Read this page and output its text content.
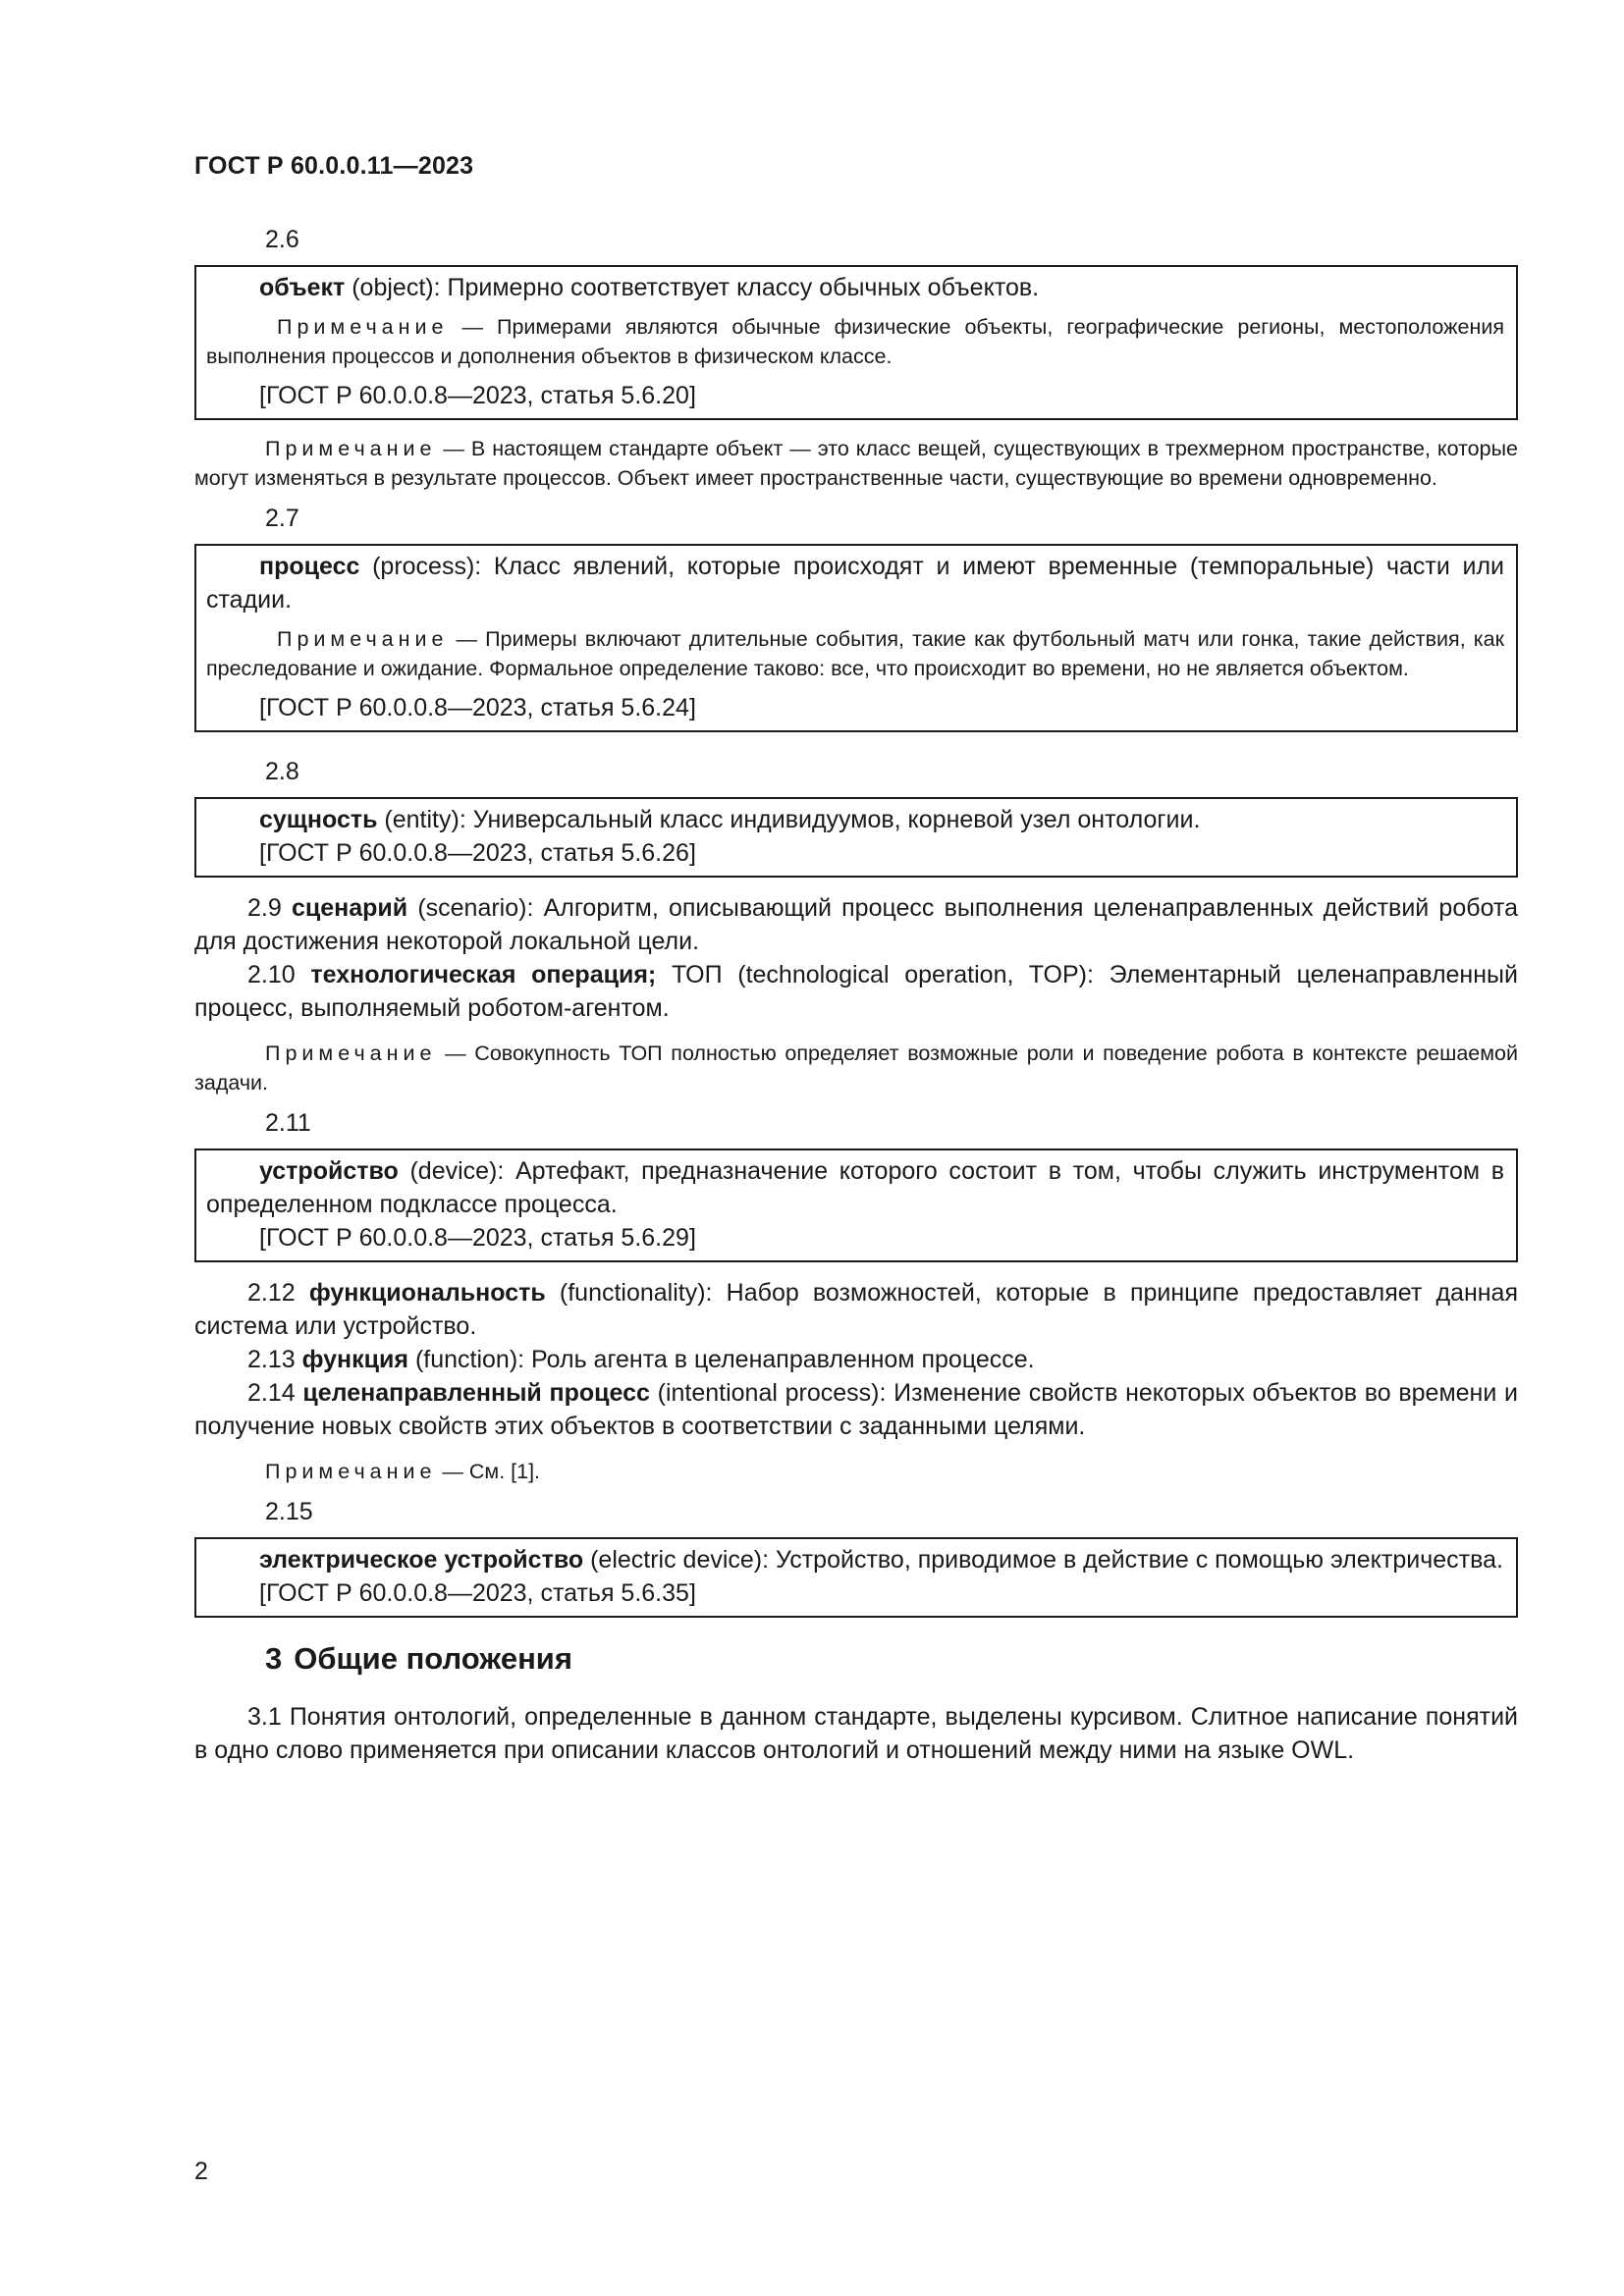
ГОСТ Р 60.0.0.11—2023
2.6
объект (object): Примерно соответствует классу обычных объектов.
Примечание — Примерами являются обычные физические объекты, географические регионы, местоположения выполнения процессов и дополнения объектов в физическом классе.
[ГОСТ Р 60.0.0.8—2023, статья 5.6.20]
Примечание — В настоящем стандарте объект — это класс вещей, существующих в трехмерном пространстве, которые могут изменяться в результате процессов. Объект имеет пространственные части, существующие во времени одновременно.
2.7
процесс (process): Класс явлений, которые происходят и имеют временные (темпоральные) части или стадии.
Примечание — Примеры включают длительные события, такие как футбольный матч или гонка, такие действия, как преследование и ожидание. Формальное определение таково: все, что происходит во времени, но не является объектом.
[ГОСТ Р 60.0.0.8—2023, статья 5.6.24]
2.8
сущность (entity): Универсальный класс индивидуумов, корневой узел онтологии.
[ГОСТ Р 60.0.0.8—2023, статья 5.6.26]
2.9 сценарий (scenario): Алгоритм, описывающий процесс выполнения целенаправленных действий робота для достижения некоторой локальной цели.
2.10 технологическая операция; ТОП (technological operation, TOP): Элементарный целенаправленный процесс, выполняемый роботом-агентом.
Примечание — Совокупность ТОП полностью определяет возможные роли и поведение робота в контексте решаемой задачи.
2.11
устройство (device): Артефакт, предназначение которого состоит в том, чтобы служить инструментом в определенном подклассе процесса.
[ГОСТ Р 60.0.0.8—2023, статья 5.6.29]
2.12 функциональность (functionality): Набор возможностей, которые в принципе предоставляет данная система или устройство.
2.13 функция (function): Роль агента в целенаправленном процессе.
2.14 целенаправленный процесс (intentional process): Изменение свойств некоторых объектов во времени и получение новых свойств этих объектов в соответствии с заданными целями.
Примечание — См. [1].
2.15
электрическое устройство (electric device): Устройство, приводимое в действие с помощью электричества.
[ГОСТ Р 60.0.0.8—2023, статья 5.6.35]
3 Общие положения
3.1 Понятия онтологий, определенные в данном стандарте, выделены курсивом. Слитное написание понятий в одно слово применяется при описании классов онтологий и отношений между ними на языке OWL.
2
